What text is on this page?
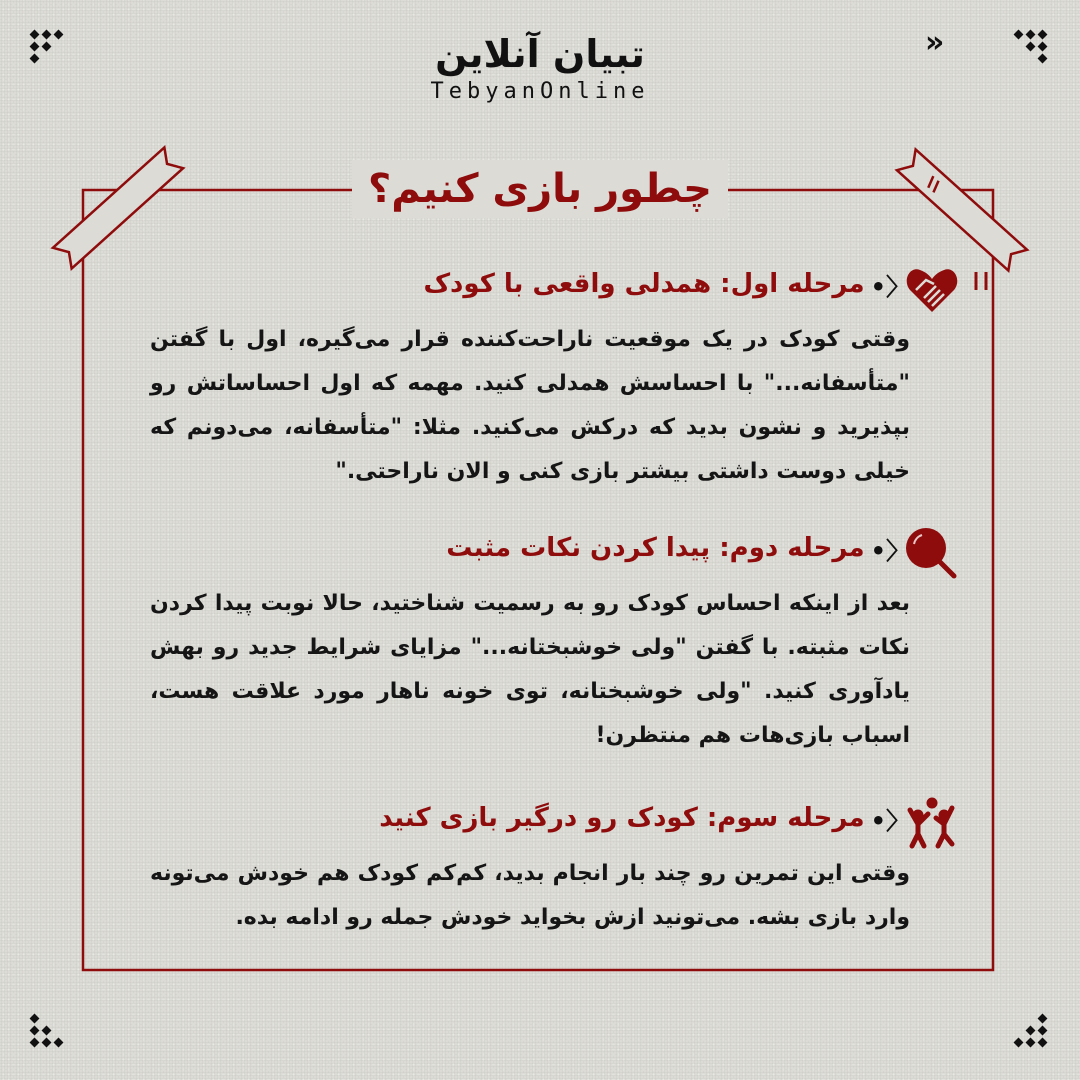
»
تبیان آنلاین
TebyanOnline
چطور بازی کنیم؟
〈•
مرحله اول: همدلی واقعی با کودک
وقتی کودک در یک موقعیت ناراحت‌کننده قرار می‌گیره، اول با گفتن "متأسفانه..." با احساسش همدلی کنید. مهمه که اول احساساتش رو بپذیرید و نشون بدید که درکش می‌کنید. مثلا: "متأسفانه، می‌دونم که خیلی دوست داشتی بیشتر بازی کنی و الان ناراحتی."
〈•
مرحله دوم: پیدا کردن نکات مثبت
بعد از اینکه احساس کودک رو به رسمیت شناختید، حالا نوبت پیدا کردن نکات مثبته. با گفتن "ولی خوشبختانه..." مزایای شرایط جدید رو بهش یادآوری کنید. "ولی خوشبختانه، توی خونه ناهار مورد علاقت هست، اسباب بازی‌هات هم منتظرن!
〈•
مرحله سوم: کودک رو درگیر بازی کنید
وقتی این تمرین رو چند بار انجام بدید، کم‌کم کودک هم خودش می‌تونه وارد بازی بشه. می‌تونید ازش بخواید خودش جمله رو ادامه بده.
